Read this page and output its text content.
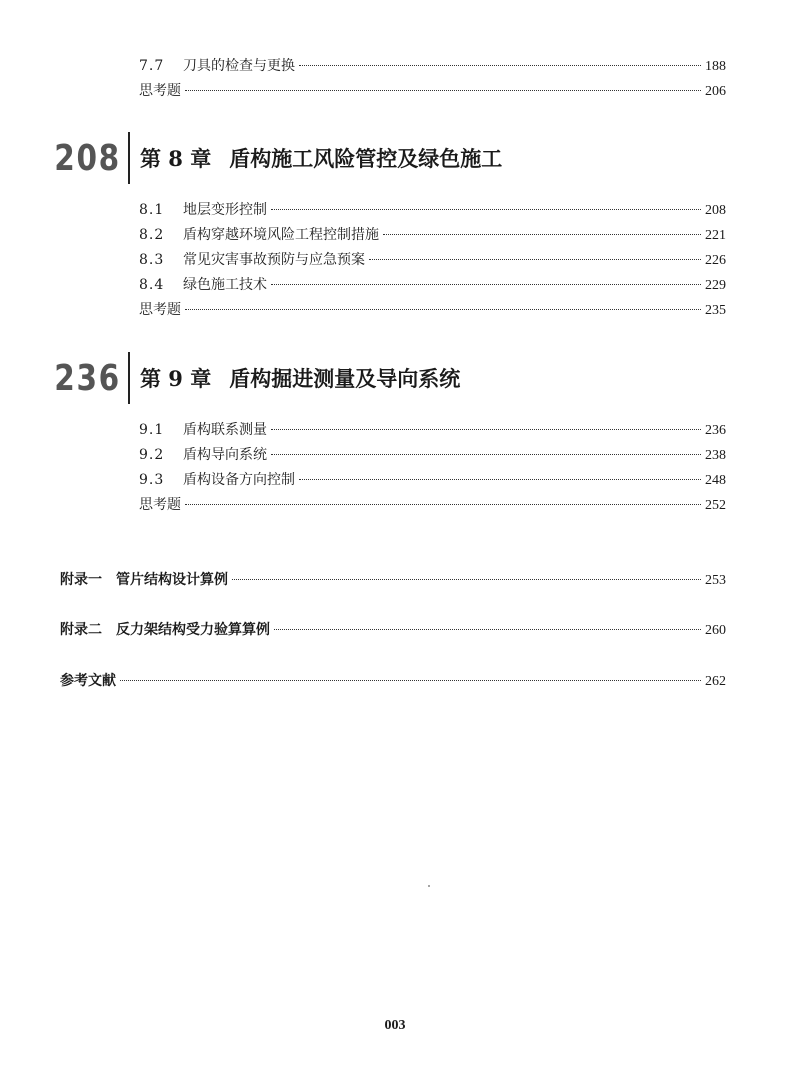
7.7	刀具的检查与更换	188
思考题	206
208 第 8 章 盾构施工风险管控及绿色施工
8.1	地层变形控制	208
8.2	盾构穿越环境风险工程控制措施	221
8.3	常见灾害事故预防与应急预案	226
8.4	绿色施工技术	229
思考题	235
236 第 9 章 盾构掘进测量及导向系统
9.1	盾构联系测量	236
9.2	盾构导向系统	238
9.3	盾构设备方向控制	248
思考题	252
附录一 管片结构设计算例	253
附录二 反力架结构受力验算算例	260
参考文献	262
003
